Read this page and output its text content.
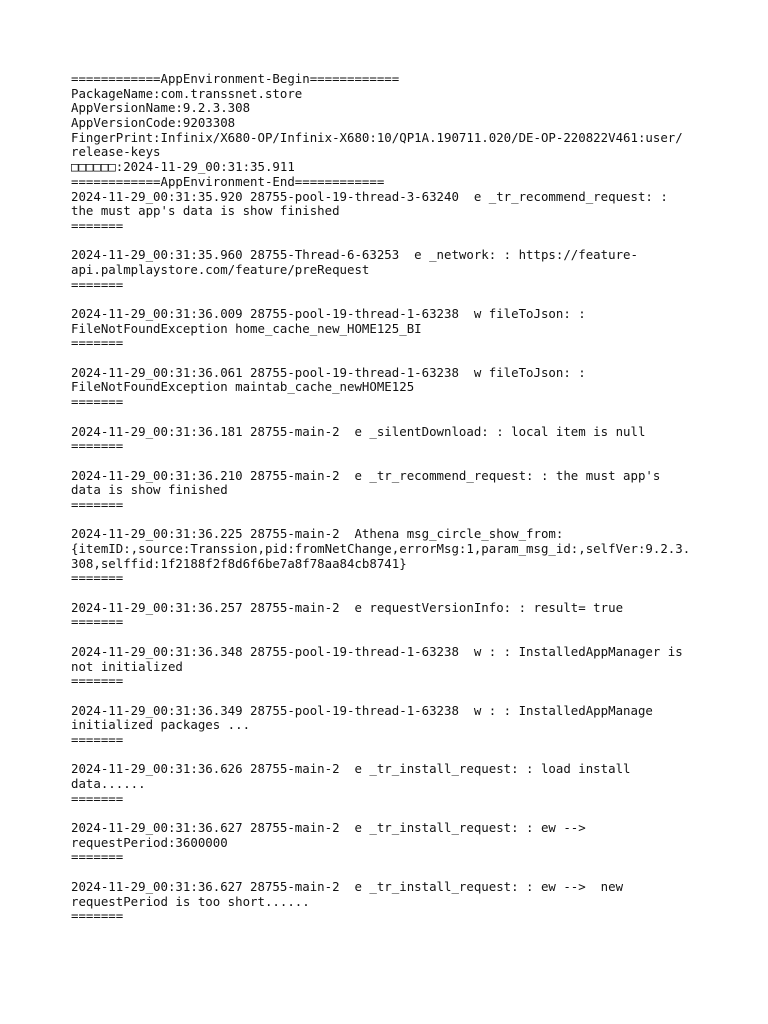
============AppEnvironment-Begin============
PackageName:com.transsnet.store
AppVersionName:9.2.3.308
AppVersionCode:9203308
FingerPrint:Infinix/X680-OP/Infinix-X680:10/QP1A.190711.020/DE-OP-220822V461:user/
release-keys
□□□□□□:2024-11-29_00:31:35.911
============AppEnvironment-End============
2024-11-29_00:31:35.920 28755-pool-19-thread-3-63240  e _tr_recommend_request: :
the must app's data is show finished
=======
2024-11-29_00:31:35.960 28755-Thread-6-63253  e _network: : https://feature-
api.palmplaystore.com/feature/preRequest
=======
2024-11-29_00:31:36.009 28755-pool-19-thread-1-63238  w fileToJson: :
FileNotFoundException home_cache_new_HOME125_BI
=======
2024-11-29_00:31:36.061 28755-pool-19-thread-1-63238  w fileToJson: :
FileNotFoundException maintab_cache_newHOME125
=======
2024-11-29_00:31:36.181 28755-main-2  e _silentDownload: : local item is null
=======
2024-11-29_00:31:36.210 28755-main-2  e _tr_recommend_request: : the must app's
data is show finished
=======
2024-11-29_00:31:36.225 28755-main-2  Athena msg_circle_show_from:
{itemID:,source:Transsion,pid:fromNetChange,errorMsg:1,param_msg_id:,selfVer:9.2.3.
308,selffid:1f2188f2f8d6f6be7a8f78aa84cb8741}
=======
2024-11-29_00:31:36.257 28755-main-2  e requestVersionInfo: : result= true
=======
2024-11-29_00:31:36.348 28755-pool-19-thread-1-63238  w : : InstalledAppManager is
not initialized
=======
2024-11-29_00:31:36.349 28755-pool-19-thread-1-63238  w : : InstalledAppManage
initialized packages ...
=======
2024-11-29_00:31:36.626 28755-main-2  e _tr_install_request: : load install
data......
=======
2024-11-29_00:31:36.627 28755-main-2  e _tr_install_request: : ew -->
requestPeriod:3600000
=======
2024-11-29_00:31:36.627 28755-main-2  e _tr_install_request: : ew -->  new
requestPeriod is too short......
=======
